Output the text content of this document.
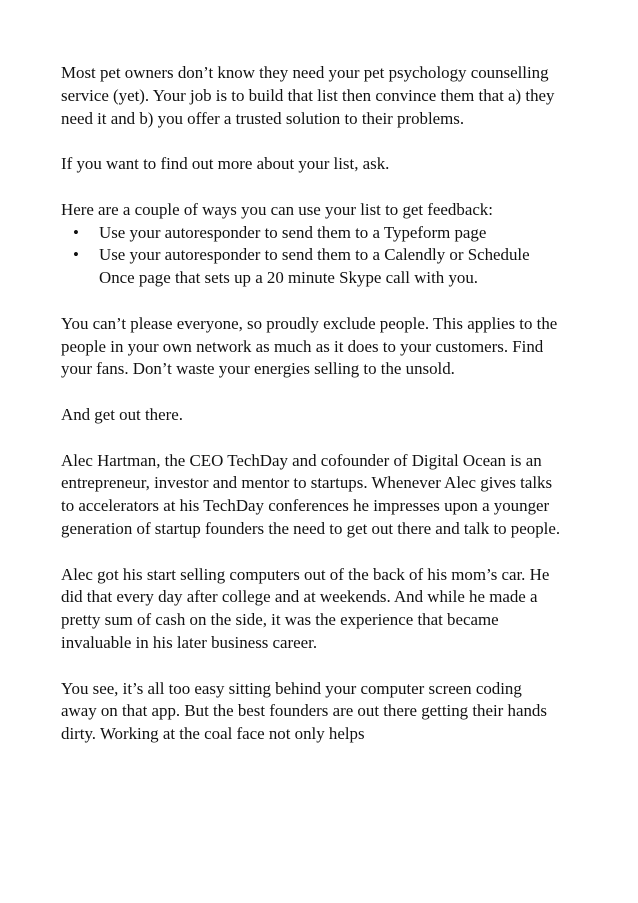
Most pet owners don’t know they need your pet psychology counselling service (yet). Your job is to build that list then convince them that a) they need it and b) you offer a trusted solution to their problems.

If you want to find out more about your list, ask.

Here are a couple of ways you can use your list to get feedback:

• Use your autoresponder to send them to a Typeform page
• Use your autoresponder to send them to a Calendly or Schedule Once page that sets up a 20 minute Skype call with you.

You can’t please everyone, so proudly exclude people. This applies to the people in your own network as much as it does to your customers. Find your fans. Don’t waste your energies selling to the unsold.

And get out there.

Alec Hartman, the CEO TechDay and cofounder of Digital Ocean is an entrepreneur, investor and mentor to startups. Whenever Alec gives talks to accelerators at his TechDay conferences he impresses upon a younger generation of startup founders the need to get out there and talk to people.

Alec got his start selling computers out of the back of his mom’s car. He did that every day after college and at weekends. And while he made a pretty sum of cash on the side, it was the experience that became invaluable in his later business career.

You see, it’s all too easy sitting behind your computer screen coding away on that app. But the best founders are out there getting their hands dirty. Working at the coal face not only helps
